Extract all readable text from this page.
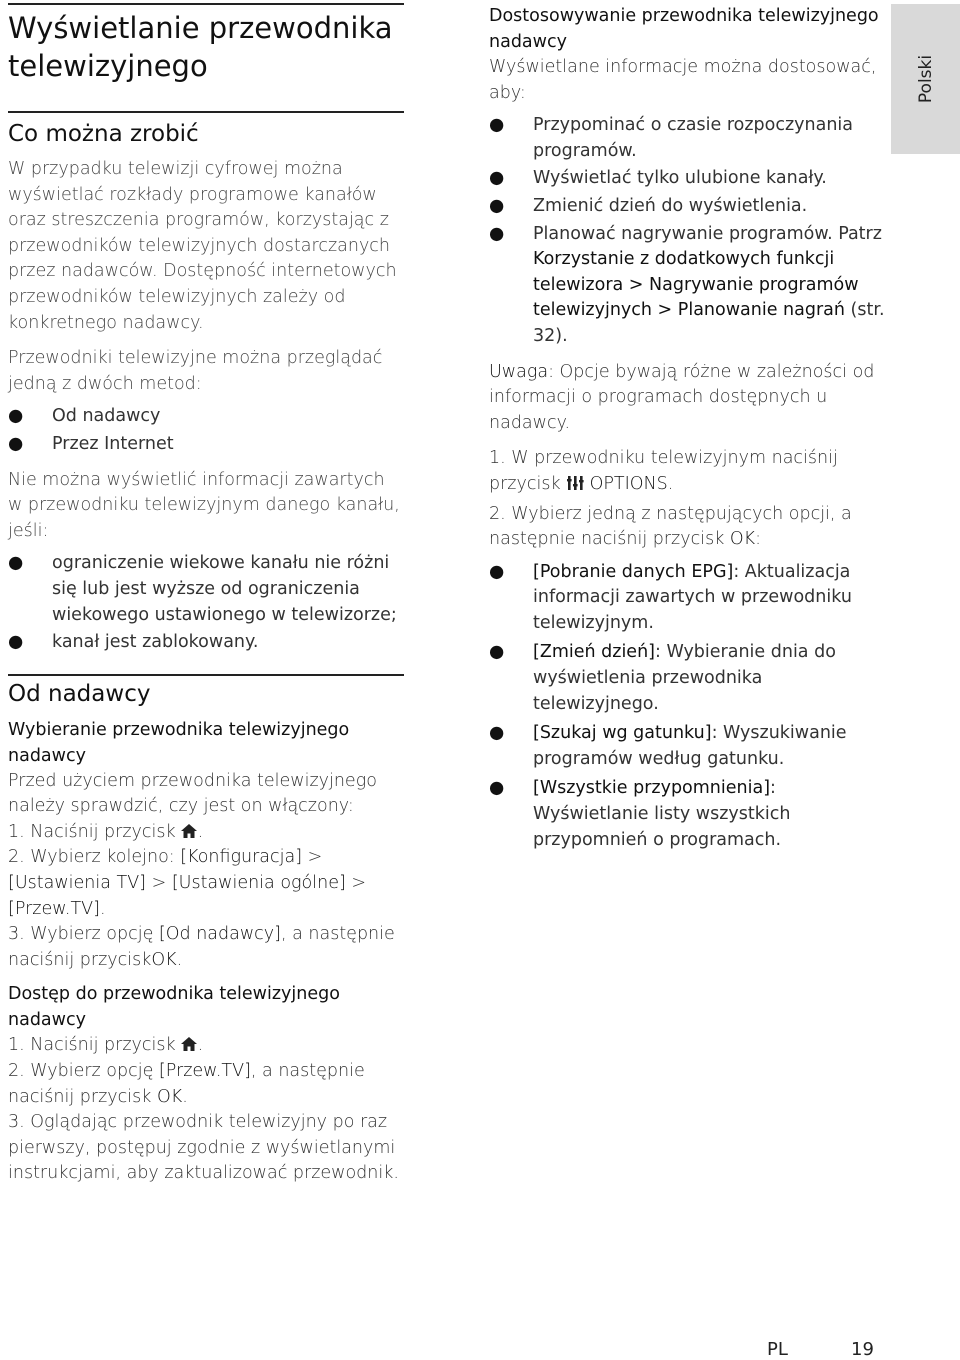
Wyświetlanie przewodnika
telewizyjnego
Co można zrobić

W przypadku telewizji cyfrowej można wyświetlać rozkłady programowe kanałów oraz streszczenia programów, korzystając z przewodników telewizyjnych dostarczanych przez nadawców. Dostępność internetowych przewodników telewizyjnych zależy od konkretnego nadawcy.

Przewodniki telewizyjne można przeglądać jedną z dwóch metod:

● Od nadawcy
● Przez Internet

Nie można wyświetlić informacji zawartych w przewodniku telewizyjnym danego kanału, jeśli:

● ograniczenie wiekowe kanału nie różni się lub jest wyższe od ograniczenia wiekowego ustawionego w telewizorze;
● kanał jest zablokowany.
Od nadawcy
Wybieranie przewodnika telewizyjnego nadawcy

Przed użyciem przewodnika telewizyjnego należy sprawdzić, czy jest on włączony:

1. Naciśnij przycisk .

2. Wybierz kolejno: [Konfiguracja] > [Ustawienia TV] > [Ustawienia ogólne] > [Przew.TV].

3. Wybierz opcję [Od nadawcy], a następnie naciśnij przyciskOK.

Dostęp do przewodnika telewizyjnego nadawcy

1. Naciśnij przycisk .

2. Wybierz opcję [Przew.TV], a następnie naciśnij przycisk OK.

3. Oglądając przewodnik telewizyjny po raz pierwszy, postępuj zgodnie z wyświetlanymi instrukcjami, aby zaktualizować przewodnik.

Dostosowywanie przewodnika telewizyjnego nadawcy

Wyświetlane informacje można dostosować, aby:

● Przypominać o czasie rozpoczynania programów.
● Wyświetlać tylko ulubione kanały.
● Zmienić dzień do wyświetlenia.
● Planować nagrywanie programów. Patrz Korzystanie z dodatkowych funkcji telewizora > Nagrywanie programów telewizyjnych > Planowanie nagrań (str. 32).

Uwaga: Opcje bywają różne w zależności od informacji o programach dostępnych u nadawcy.

1. W przewodniku telewizyjnym naciśnij przycisk OPTIONS.

2. Wybierz jedną z następujących opcji, a następnie naciśnij przycisk OK:

● [Pobranie danych EPG]: Aktualizacja informacji zawartych w przewodniku telewizyjnym.
● [Zmień dzień]: Wybieranie dnia do wyświetlenia przewodnika telewizyjnego.
● [Szukaj wg gatunku]: Wyszukiwanie programów według gatunku.
● [Wszystkie przypomnienia]: Wyświetlanie listy wszystkich przypomnień o programach.
Polski
PL	19
